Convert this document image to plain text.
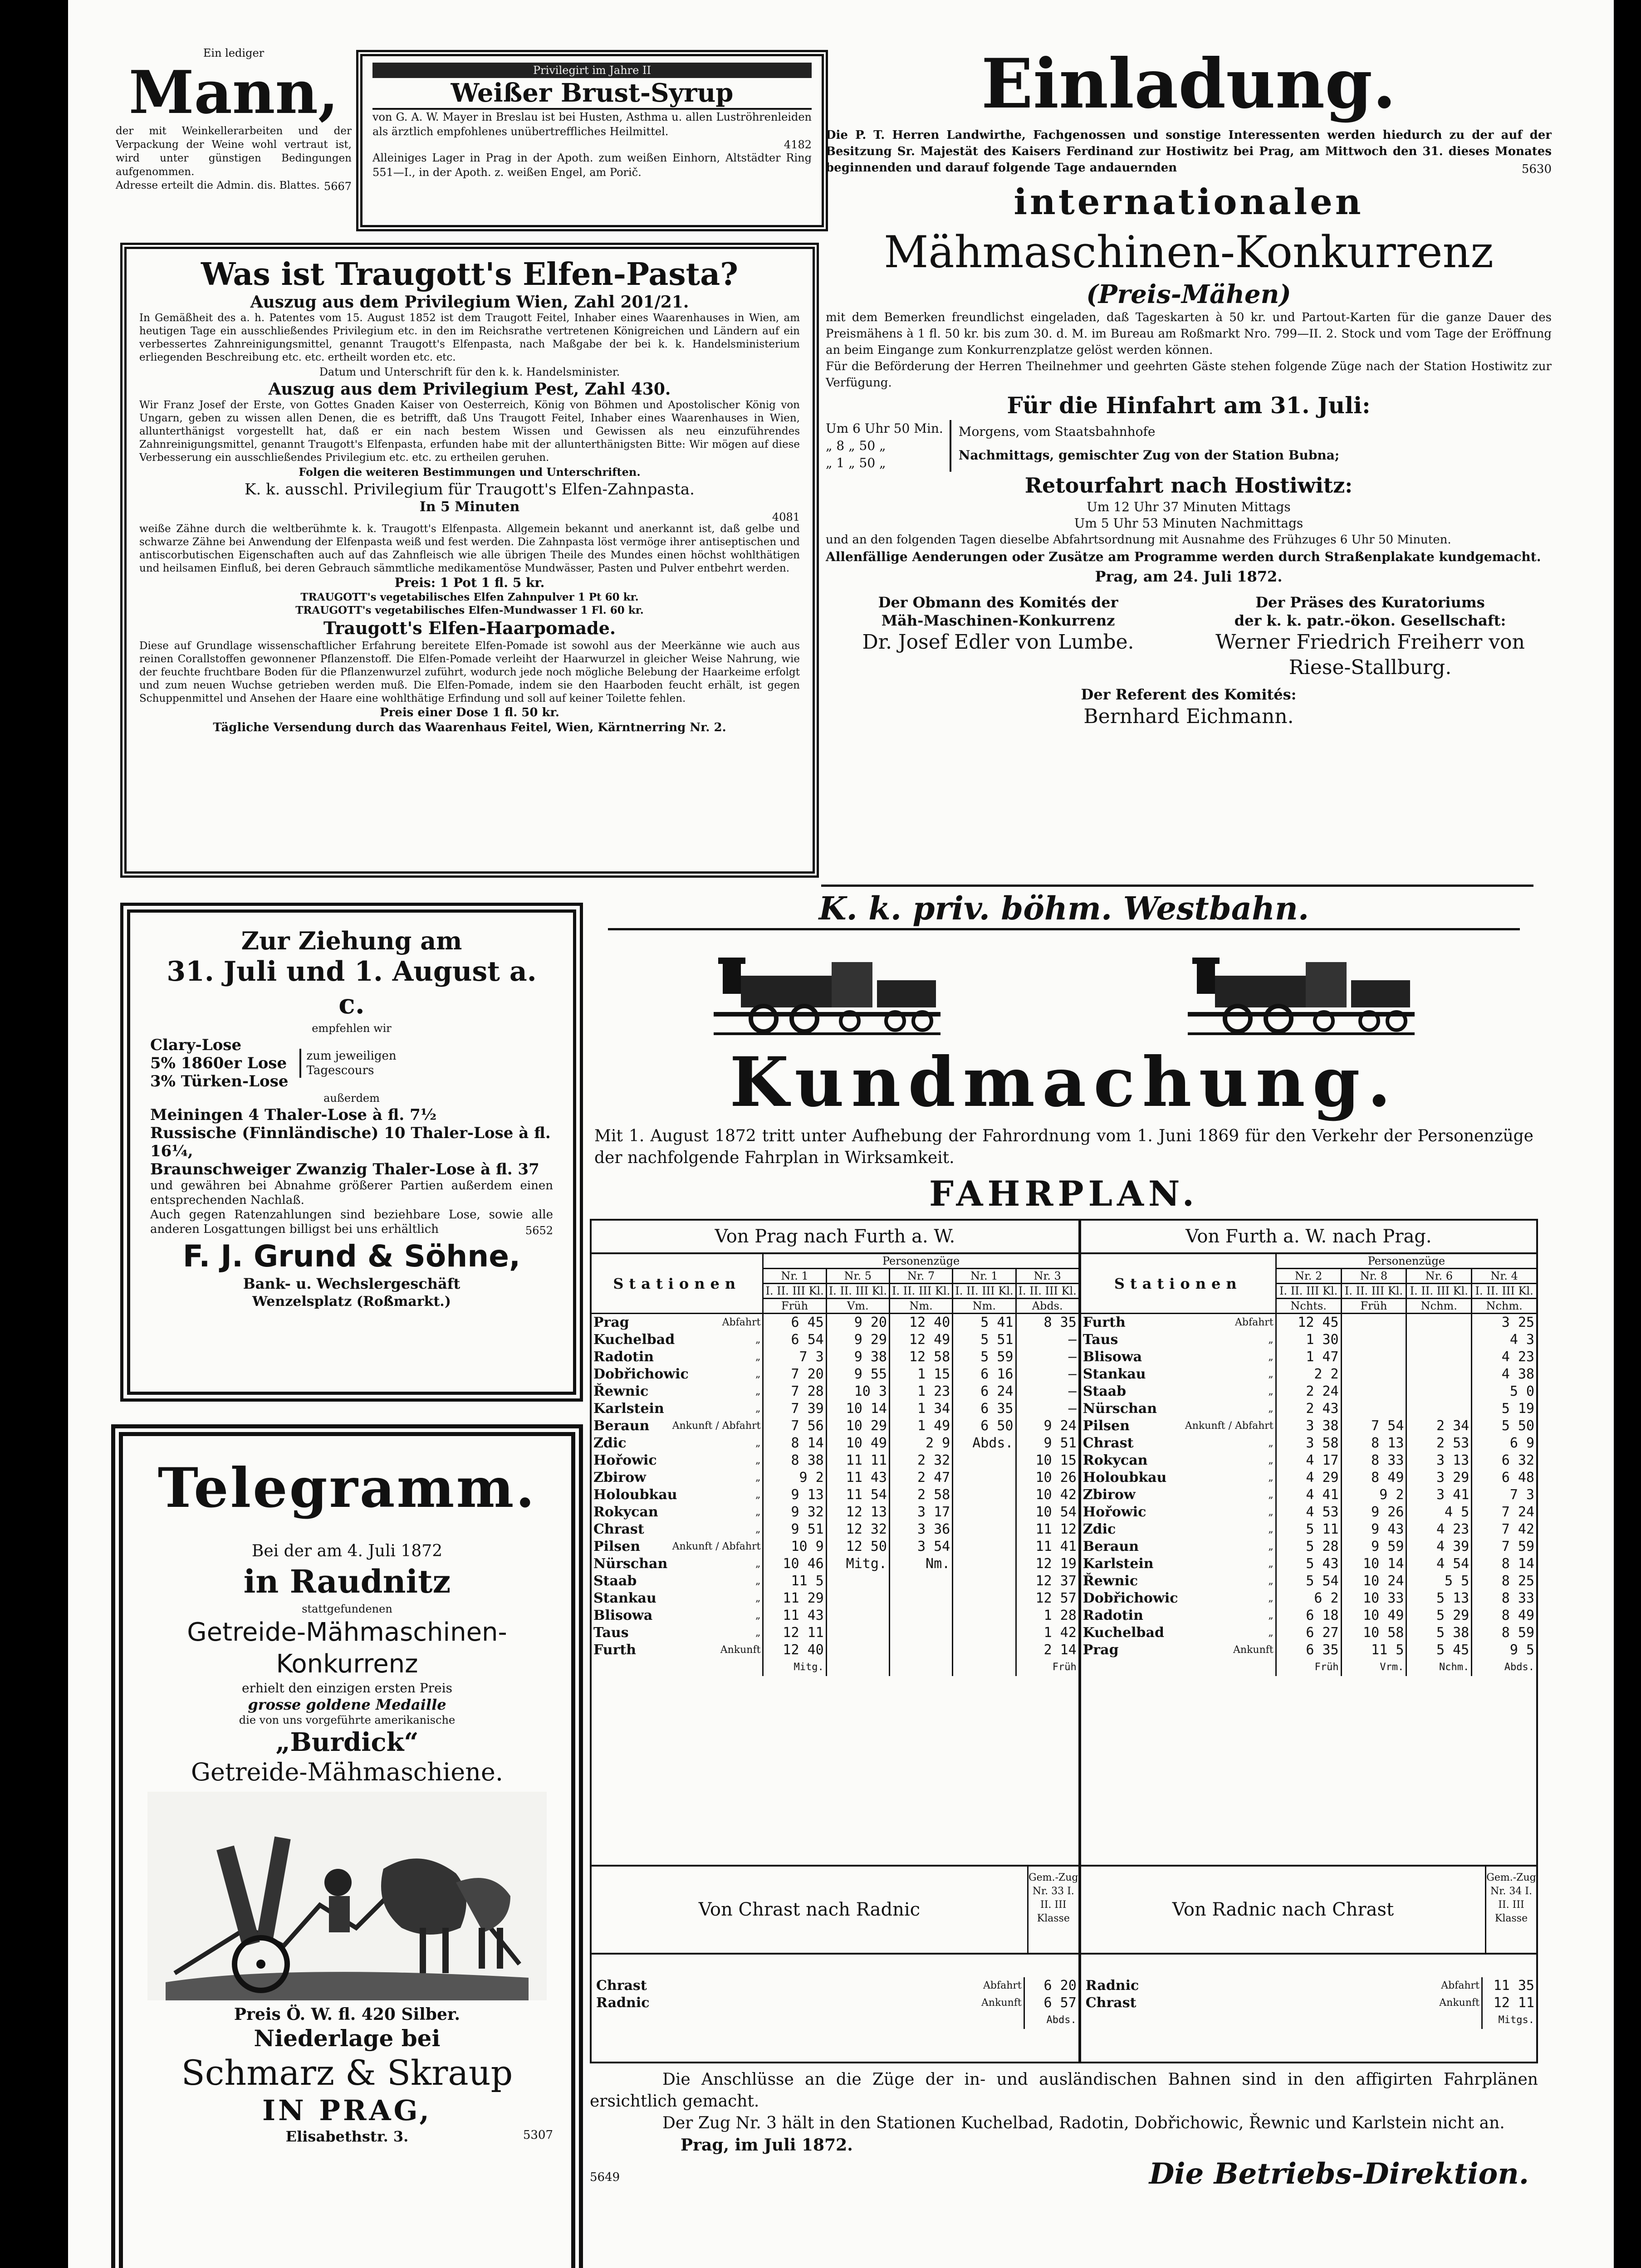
Ein lediger
Mann,
der mit Weinkellerarbeiten und der Verpackung der Weine wohl vertraut ist, wird unter günstigen Bedingungen aufgenommen.
Adresse erteilt die Admin. dis. Blattes. 5667
Privilegirt im Jahre II
Weißer Brust-Syrup
von G. A. W. Mayer in Breslau ist bei Husten, Asthma u. allen Luströhrenleiden als ärztlich empfohlenes unübertreffliches Heilmittel.
4182
Alleiniges Lager in Prag in der Apoth. zum weißen Einhorn, Altstädter Ring 551—I., in der Apoth. z. weißen Engel, am Porič.
Was ist Traugott's Elfen-Pasta?
Auszug aus dem Privilegium Wien, Zahl 201/21.
In Gemäßheit des a. h. Patentes vom 15. August 1852 ist dem Traugott Feitel, Inhaber eines Waarenhauses in Wien, am heutigen Tage ein ausschließendes Privilegium etc. in den im Reichsrathe vertretenen Königreichen und Ländern auf ein verbessertes Zahnreinigungsmittel, genannt Traugott's Elfenpasta, nach Maßgabe der bei k. k. Handelsministerium erliegenden Beschreibung etc. etc. ertheilt worden etc. etc.
Datum und Unterschrift für den k. k. Handelsminister.
Auszug aus dem Privilegium Pest, Zahl 430.
Wir Franz Josef der Erste, von Gottes Gnaden Kaiser von Oesterreich, König von Böhmen und Apostolischer König von Ungarn, geben zu wissen allen Denen, die es betrifft, daß Uns Traugott Feitel, Inhaber eines Waarenhauses in Wien, allunterthänigst vorgestellt hat, daß er ein nach bestem Wissen und Gewissen als neu einzuführendes Zahnreinigungsmittel, genannt Traugott's Elfenpasta, erfunden habe mit der allunterthänigsten Bitte: Wir mögen auf diese Verbesserung ein ausschließendes Privilegium etc. etc. zu ertheilen geruhen.
Folgen die weiteren Bestimmungen und Unterschriften.
K. k. ausschl. Privilegium für Traugott's Elfen-Zahnpasta.
In 5 Minuten
4081
weiße Zähne durch die weltberühmte k. k. Traugott's Elfenpasta. Allgemein bekannt und anerkannt ist, daß gelbe und schwarze Zähne bei Anwendung der Elfenpasta weiß und fest werden. Die Zahnpasta löst vermöge ihrer antiseptischen und antiscorbutischen Eigenschaften auch auf das Zahnfleisch wie alle übrigen Theile des Mundes einen höchst wohlthätigen und heilsamen Einfluß, bei deren Gebrauch sämmtliche medikamentöse Mundwässer, Pasten und Pulver entbehrt werden.
Preis: 1 Pot 1 fl. 5 kr.
TRAUGOTT's vegetabilisches Elfen Zahnpulver 1 Pt 60 kr.
TRAUGOTT's vegetabilisches Elfen-Mundwasser 1 Fl. 60 kr.
Traugott's Elfen-Haarpomade.
Diese auf Grundlage wissenschaftlicher Erfahrung bereitete Elfen-Pomade ist sowohl aus der Meerkänne wie auch aus reinen Corallstoffen gewonnener Pflanzenstoff. Die Elfen-Pomade verleiht der Haarwurzel in gleicher Weise Nahrung, wie der feuchte fruchtbare Boden für die Pflanzenwurzel zuführt, wodurch jede noch mögliche Belebung der Haarkeime erfolgt und zum neuen Wuchse getrieben werden muß. Die Elfen-Pomade, indem sie den Haarboden feucht erhält, ist gegen Schuppenmittel und Ansehen der Haare eine wohlthätige Erfindung und soll auf keiner Toilette fehlen.
Preis einer Dose 1 fl. 50 kr.
Tägliche Versendung durch das Waarenhaus Feitel, Wien, Kärntnerring Nr. 2.
Zur Ziehung am
31. Juli und 1. August a. c.
empfehlen wir
Clary-Lose
5% 1860er Lose
3% Türken-Lose
zum jeweiligen Tagescours
außerdem
Meiningen 4 Thaler-Lose à fl. 7½
Russische (Finnländische) 10 Thaler-Lose à fl. 16¼,
Braunschweiger Zwanzig Thaler-Lose à fl. 37
und gewähren bei Abnahme größerer Partien außerdem einen entsprechenden Nachlaß.
Auch gegen Ratenzahlungen sind beziehbare Lose, sowie alle anderen Losgattungen billigst bei uns erhältlich	5652
F. J. Grund & Söhne,
Bank- u. Wechslergeschäft
Wenzelsplatz (Roßmarkt.)
Telegramm.
Bei der am 4. Juli 1872
in Raudnitz
stattgefundenen
Getreide-Mähmaschinen-
Konkurrenz
erhielt den einzigen ersten Preis
grosse goldene Medaille
die von uns vorgeführte amerikanische
„Burdick“
Getreide-Mähmaschiene.
Preis Ö. W. fl. 420 Silber.
Niederlage bei
Schmarz & Skraup
IN PRAG,
Elisabethstr. 3.	5307
Einladung.
Die P. T. Herren Landwirthe, Fachgenossen und sonstige Interessenten werden hiedurch zu der auf der Besitzung Sr. Majestät des Kaisers Ferdinand zur Hostiwitz bei Prag, am Mittwoch den 31. dieses Monates beginnenden und darauf folgende Tage andauernden	5630
internationalen
Mähmaschinen-Konkurrenz
(Preis-Mähen)
mit dem Bemerken freundlichst eingeladen, daß Tageskarten à 50 kr. und Partout-Karten für die ganze Dauer des Preismähens à 1 fl. 50 kr. bis zum 30. d. M. im Bureau am Roßmarkt Nro. 799—II. 2. Stock und vom Tage der Eröffnung an beim Eingange zum Konkurrenzplatze gelöst werden können.
Für die Beförderung der Herren Theilnehmer und geehrten Gäste stehen folgende Züge nach der Station Hostiwitz zur Verfügung.
Für die Hinfahrt am 31. Juli:
Um 6 Uhr 50 Min.
„ 8 „ 50 „
„ 1 „ 50 „
Morgens, vom Staatsbahnhofe
Nachmittags, gemischter Zug von der Station Bubna;
Retourfahrt nach Hostiwitz:
Um 12 Uhr 37 Minuten Mittags
Um 5 Uhr 53 Minuten Nachmittags
und an den folgenden Tagen dieselbe Abfahrtsordnung mit Ausnahme des Frühzuges 6 Uhr 50 Minuten.
Allenfällige Aenderungen oder Zusätze am Programme werden durch Straßenplakate kundgemacht.
Prag, am 24. Juli 1872.
Der Obmann des Komités der
Mäh-Maschinen-Konkurrenz
Dr. Josef Edler von Lumbe.
Der Präses des Kuratoriums
der k. k. patr.-ökon. Gesellschaft:
Werner Friedrich Freiherr von
Riese-Stallburg.
Der Referent des Komités:
Bernhard Eichmann.
K. k. priv. böhm. Westbahn.
Kundmachung.
Mit 1. August 1872 tritt unter Aufhebung der Fahrordnung vom 1. Juni 1869 für den Verkehr der Personenzüge der nachfolgende Fahrplan in Wirksamkeit.
FAHRPLAN.
Von Prag nach Furth a. W.
Stationen	Personenzüge				
	Nr. 1	Nr. 5	Nr. 7	Nr. 1	Nr. 3
	I. II. III Kl.	I. II. III Kl.	I. II. III Kl.	I. II. III Kl.	I. II. III Kl.
	Früh	Vm.	Nm.	Nm.	Abds.
Prag Abfahrt	6 45	9 20	12 40	5 41	8 35
Kuchelbad „	6 54	9 29	12 49	5 51	—
Radotin „	7 3	9 38	12 58	5 59	—
Dobřichowic „	7 20	9 55	1 15	6 16	—
Řewnic „	7 28	10 3	1 23	6 24	—
Karlstein „	7 39	10 14	1 34	6 35	—
Beraun Ankunft / Abfahrt	7 56	10 29	1 49	6 50	9 24
Zdic „	8 14	10 49	2 9	Abds.	9 51
Hořowic „	8 38	11 11	2 32		10 15
Zbirow „	9 2	11 43	2 47		10 26
Holoubkau „	9 13	11 54	2 58		10 42
Rokycan „	9 32	12 13	3 17		10 54
Chrast „	9 51	12 32	3 36		11 12
Pilsen Ankunft / Abfahrt	10 9	12 50	3 54		11 41
Nürschan „	10 46	Mitg.	Nm.		12 19
Staab „	11 5				12 37
Stankau „	11 29				12 57
Blisowa „	11 43				1 28
Taus „	12 11				1 42
Furth Ankunft	12 40				2 14
	Mitg.				Früh
Von Furth a. W. nach Prag.
Stationen	Personenzüge			
	Nr. 2	Nr. 8	Nr. 6	Nr. 4
	I. II. III Kl.	I. II. III Kl.	I. II. III Kl.	I. II. III Kl.
	Nchts.	Früh	Nchm.	Nchm.
Furth Abfahrt	12 45			3 25
Taus „	1 30			4 3
Blisowa „	1 47			4 23
Stankau „	2 2			4 38
Staab „	2 24			5 0
Nürschan „	2 43			5 19
Pilsen Ankunft / Abfahrt	3 38	7 54	2 34	5 50
Chrast „	3 58	8 13	2 53	6 9
Rokycan „	4 17	8 33	3 13	6 32
Holoubkau „	4 29	8 49	3 29	6 48
Zbirow „	4 41	9 2	3 41	7 3
Hořowic „	4 53	9 26	4 5	7 24
Zdic „	5 11	9 43	4 23	7 42
Beraun „	5 28	9 59	4 39	7 59
Karlstein „	5 43	10 14	4 54	8 14
Řewnic „	5 54	10 24	5 5	8 25
Dobřichowic „	6 2	10 33	5 13	8 33
Radotin „	6 18	10 49	5 29	8 49
Kuchelbad „	6 27	10 58	5 38	8 59
Prag Ankunft	6 35	11 5	5 45	9 5
	Früh	Vrm.	Nchm.	Abds.
Von Chrast nach Radnic
Gem.-Zug Nr. 33 I. II. III Klasse
Chrast Abfahrt	6 20
Radnic Ankunft	6 57
	Abds.
Von Radnic nach Chrast
Gem.-Zug Nr. 34 I. II. III Klasse
Radnic Abfahrt	11 35
Chrast Ankunft	12 11
	Mitgs.
Die Anschlüsse an die Züge der in- und ausländischen Bahnen sind in den affigirten Fahrplänen ersichtlich gemacht.
Der Zug Nr. 3 hält in den Stationen Kuchelbad, Radotin, Dobřichowic, Řewnic und Karlstein nicht an.
Prag, im Juli 1872.
5649	Die Betriebs-Direktion.
